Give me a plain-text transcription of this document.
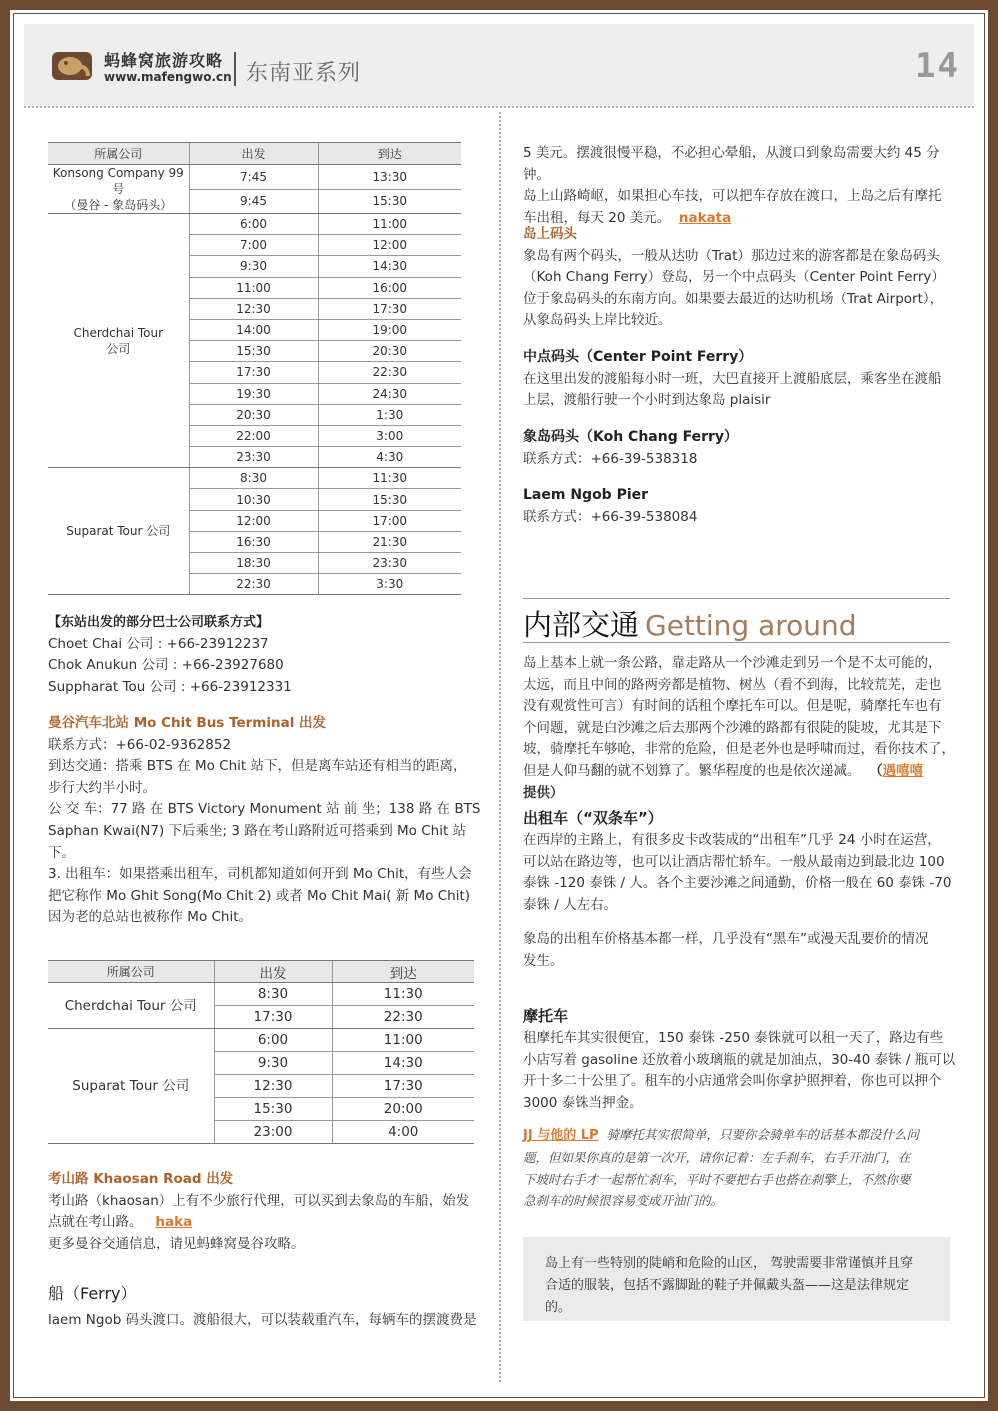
蚂蜂窝旅游攻略
www.mafengwo.cn 东南亚系列	14
所属公司	出发	到达

Konsong Company 99 号
（曼谷 - 象岛码头）	7:45	13:30
	9:45	15:30

Cherdchai Tour
公司	6:00	11:00
	7:00	12:00
	9:30	14:30
	11:00	16:00
	12:30	17:30
	14:00	19:00
	15:30	20:30
	17:30	22:30
	19:30	24:30
	20:30	1:30
	22:00	3:00
	23:30	4:30

Suparat Tour 公司	8:30	11:30
	10:30	15:30
	12:00	17:00
	16:30	21:30
	18:30	23:30
	22:30	3:30
【东站出发的部分巴士公司联系方式】
Choet Chai 公司 : +66-23912237
Chok Anukun 公司 : +66-23927680
Suppharat Tou 公司 : +66-23912331
曼谷汽车北站 Mo Chit Bus Terminal 出发
联系方式：+66-02-9362852
到达交通：搭乘 BTS 在 Mo Chit 站下，但是离车站还有相当的距离，
步行大约半小时。
公 交 车：77 路 在 BTS Victory Monument 站 前 坐；138 路 在 BTS
Saphan Kwai(N7) 下后乘坐; 3 路在考山路附近可搭乘到 Mo Chit 站下。
3. 出租车：如果搭乘出租车，司机都知道如何开到 Mo Chit，有些人会
把它称作 Mo Ghit Song(Mo Chit 2) 或者 Mo Chit Mai( 新 Mo Chit)
因为老的总站也被称作 Mo Chit。
所属公司	出发	到达
Cherdchai Tour 公司	8:30	11:30
	17:30	22:30
Suparat Tour 公司	6:00	11:00
	9:30	14:30
	12:30	17:30
	15:30	20:00
	23:00	4:00
考山路 Khaosan Road 出发
考山路（khaosan）上有不少旅行代理，可以买到去象岛的车船，始发
点就在考山路。 haka
更多曼谷交通信息，请见蚂蜂窝曼谷攻略。
船（Ferry）
laem Ngob 码头渡口。渡船很大，可以装载重汽车，每辆车的摆渡费是
5 美元。摆渡很慢平稳，不必担心晕船，从渡口到象岛需要大约 45 分钟。
岛上山路崎岖，如果担心车技，可以把车存放在渡口，上岛之后有摩托
车出租，每天 20 美元。 nakata
岛上码头
象岛有两个码头，一般从达叻（Trat）那边过来的游客都是在象岛码头
（Koh Chang Ferry）登岛，另一个中点码头（Center Point Ferry）
位于象岛码头的东南方向。如果要去最近的达叻机场（Trat Airport），
从象岛码头上岸比较近。
中点码头（Center Point Ferry）
在这里出发的渡船每小时一班，大巴直接开上渡船底层，乘客坐在渡船
上层，渡船行驶一个小时到达象岛 plaisir
象岛码头（Koh Chang Ferry）
联系方式：+66-39-538318
Laem Ngob Pier
联系方式：+66-39-538084
内部交通 Getting around
岛上基本上就一条公路，靠走路从一个沙滩走到另一个是不太可能的，
太远，而且中间的路两旁都是植物、树丛（看不到海，比较荒芜，走也
没有观赏性可言）有时间的话租个摩托车可以。但是呢，骑摩托车也有
个问题，就是白沙滩之后去那两个沙滩的路都有很陡的陡坡，尤其是下
坡，骑摩托车够呛，非常的危险，但是老外也是呼啸而过，看你技术了，
但是人仰马翻的就不划算了。繁华程度的也是依次递减。 （遇嘻嘻 提供）
出租车（“双条车”）
在西岸的主路上，有很多皮卡改装成的“出租车”几乎 24 小时在运营，
可以站在路边等，也可以让酒店帮忙轿车。一般从最南边到最北边 100
泰铢 -120 泰铢 / 人。各个主要沙滩之间通勤，价格一般在 60 泰铢 -70
泰铢 / 人左右。
象岛的出租车价格基本都一样，几乎没有“黑车”或漫天乱要价的情况
发生。
摩托车
租摩托车其实很便宜，150 泰铢 -250 泰铢就可以租一天了，路边有些
小店写着 gasoline 还放着小玻璃瓶的就是加油点，30-40 泰铢 / 瓶可以
开十多二十公里了。租车的小店通常会叫你拿护照押着，你也可以押个
3000 泰铢当押金。
JJ 与他的 LP 骑摩托其实很简单，只要你会骑单车的话基本都没什么问
题，但如果你真的是第一次开，请你记着：左手刹车，右手开油门，在
下坡时右手才一起帮忙刹车，平时不要把右手也搭在刹擎上，不然你要
急刹车的时候很容易变成开油门的。
岛上有一些特别的陡峭和危险的山区， 驾驶需要非常谨慎并且穿
合适的服装，包括不露脚趾的鞋子并佩戴头盔——这是法律规定的。
